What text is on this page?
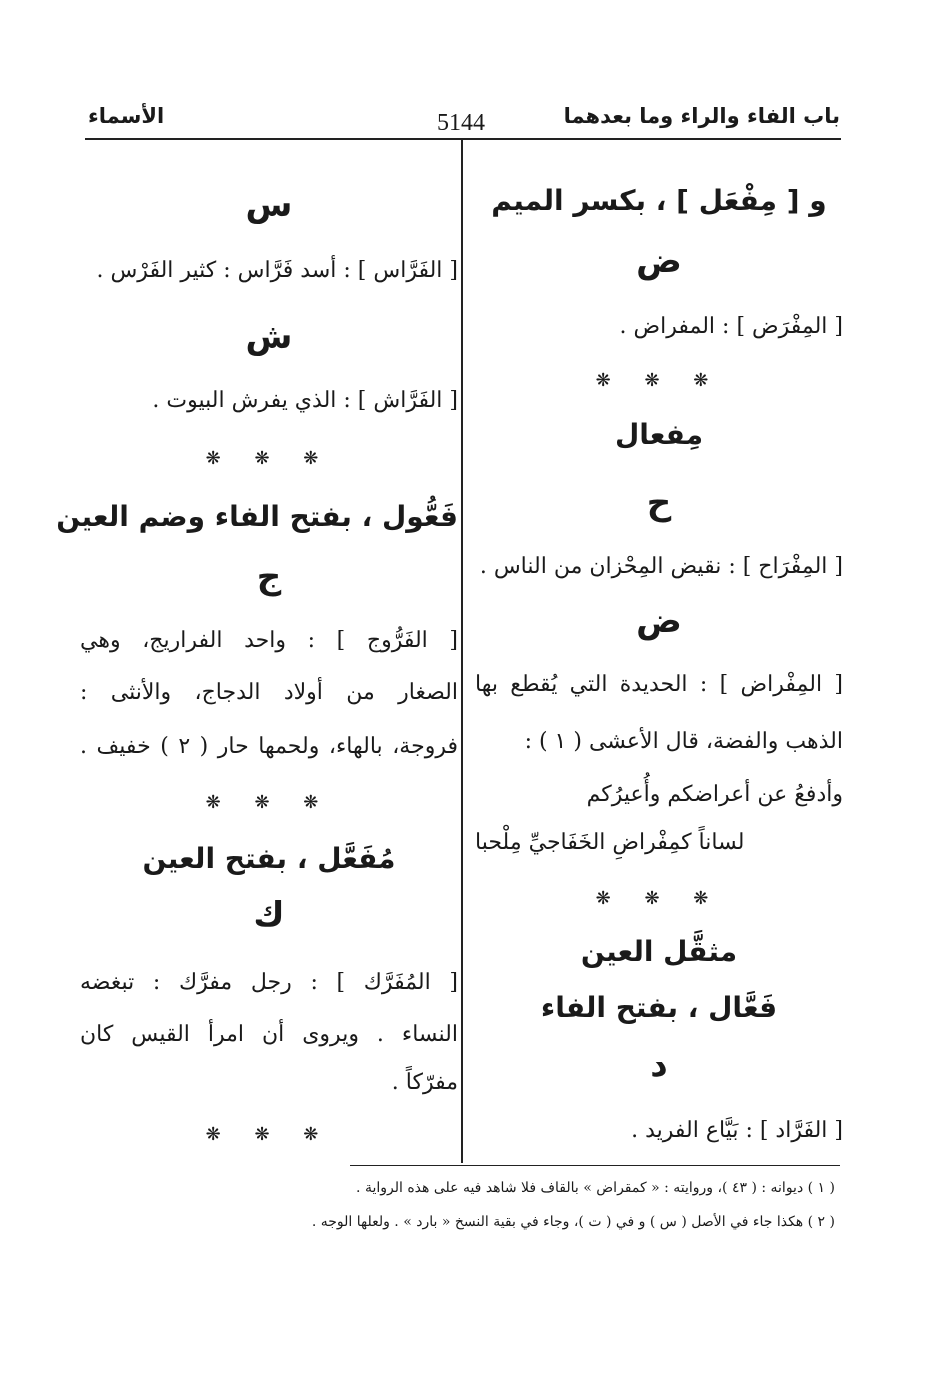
باب الفاء والراء وما بعدهما
5144
الأسماء
و [ مِفْعَل ] ، بكسر الميم
ض
[ المِفْرَض ] : المفراض .
❋ ❋ ❋
مِفعال
ح
[ المِفْرَاح ] : نقيض المِحْزان من الناس .
ض
[ المِفْراض ] : الحديدة التي يُقطع بها
الذهب والفضة، قال الأعشى ( ١ ) :
وأدفعُ عن أعراضكم وأُعيرُكم
لساناً كمِفْراضِ الخَفَاجيِّ مِلْحبا
❋ ❋ ❋
مثقَّل العين
فَعَّال ، بفتح الفاء
د
[ الفَرَّاد ] : بَيَّاع الفريد .
س
[ الفَرَّاس ] : أسد فَرَّاس : كثير الفَرْس .
ش
[ الفَرَّاش ] : الذي يفرش البيوت .
❋ ❋ ❋
فَعُّول ، بفتح الفاء وضم العين
ج
[ الفَرُّوج ] : واحد الفراريج، وهي
الصغار من أولاد الدجاج، والأنثى :
فروجة، بالهاء، ولحمها حار ( ٢ ) خفيف .
❋ ❋ ❋
مُفَعَّل ، بفتح العين
ك
[ المُفَرَّك ] : رجل مفرَّك : تبغضه
النساء . ويروى أن امرأ القيس كان
مفرّكاً .
❋ ❋ ❋
( ١ ) ديوانه : ( ٤٣ )، وروايته : « كمقراض » بالقاف فلا شاهد فيه على هذه الرواية .
( ٢ ) هكذا جاء في الأصل ( س ) و في ( ت )، وجاء في بقية النسخ « بارد » . ولعلها الوجه .
